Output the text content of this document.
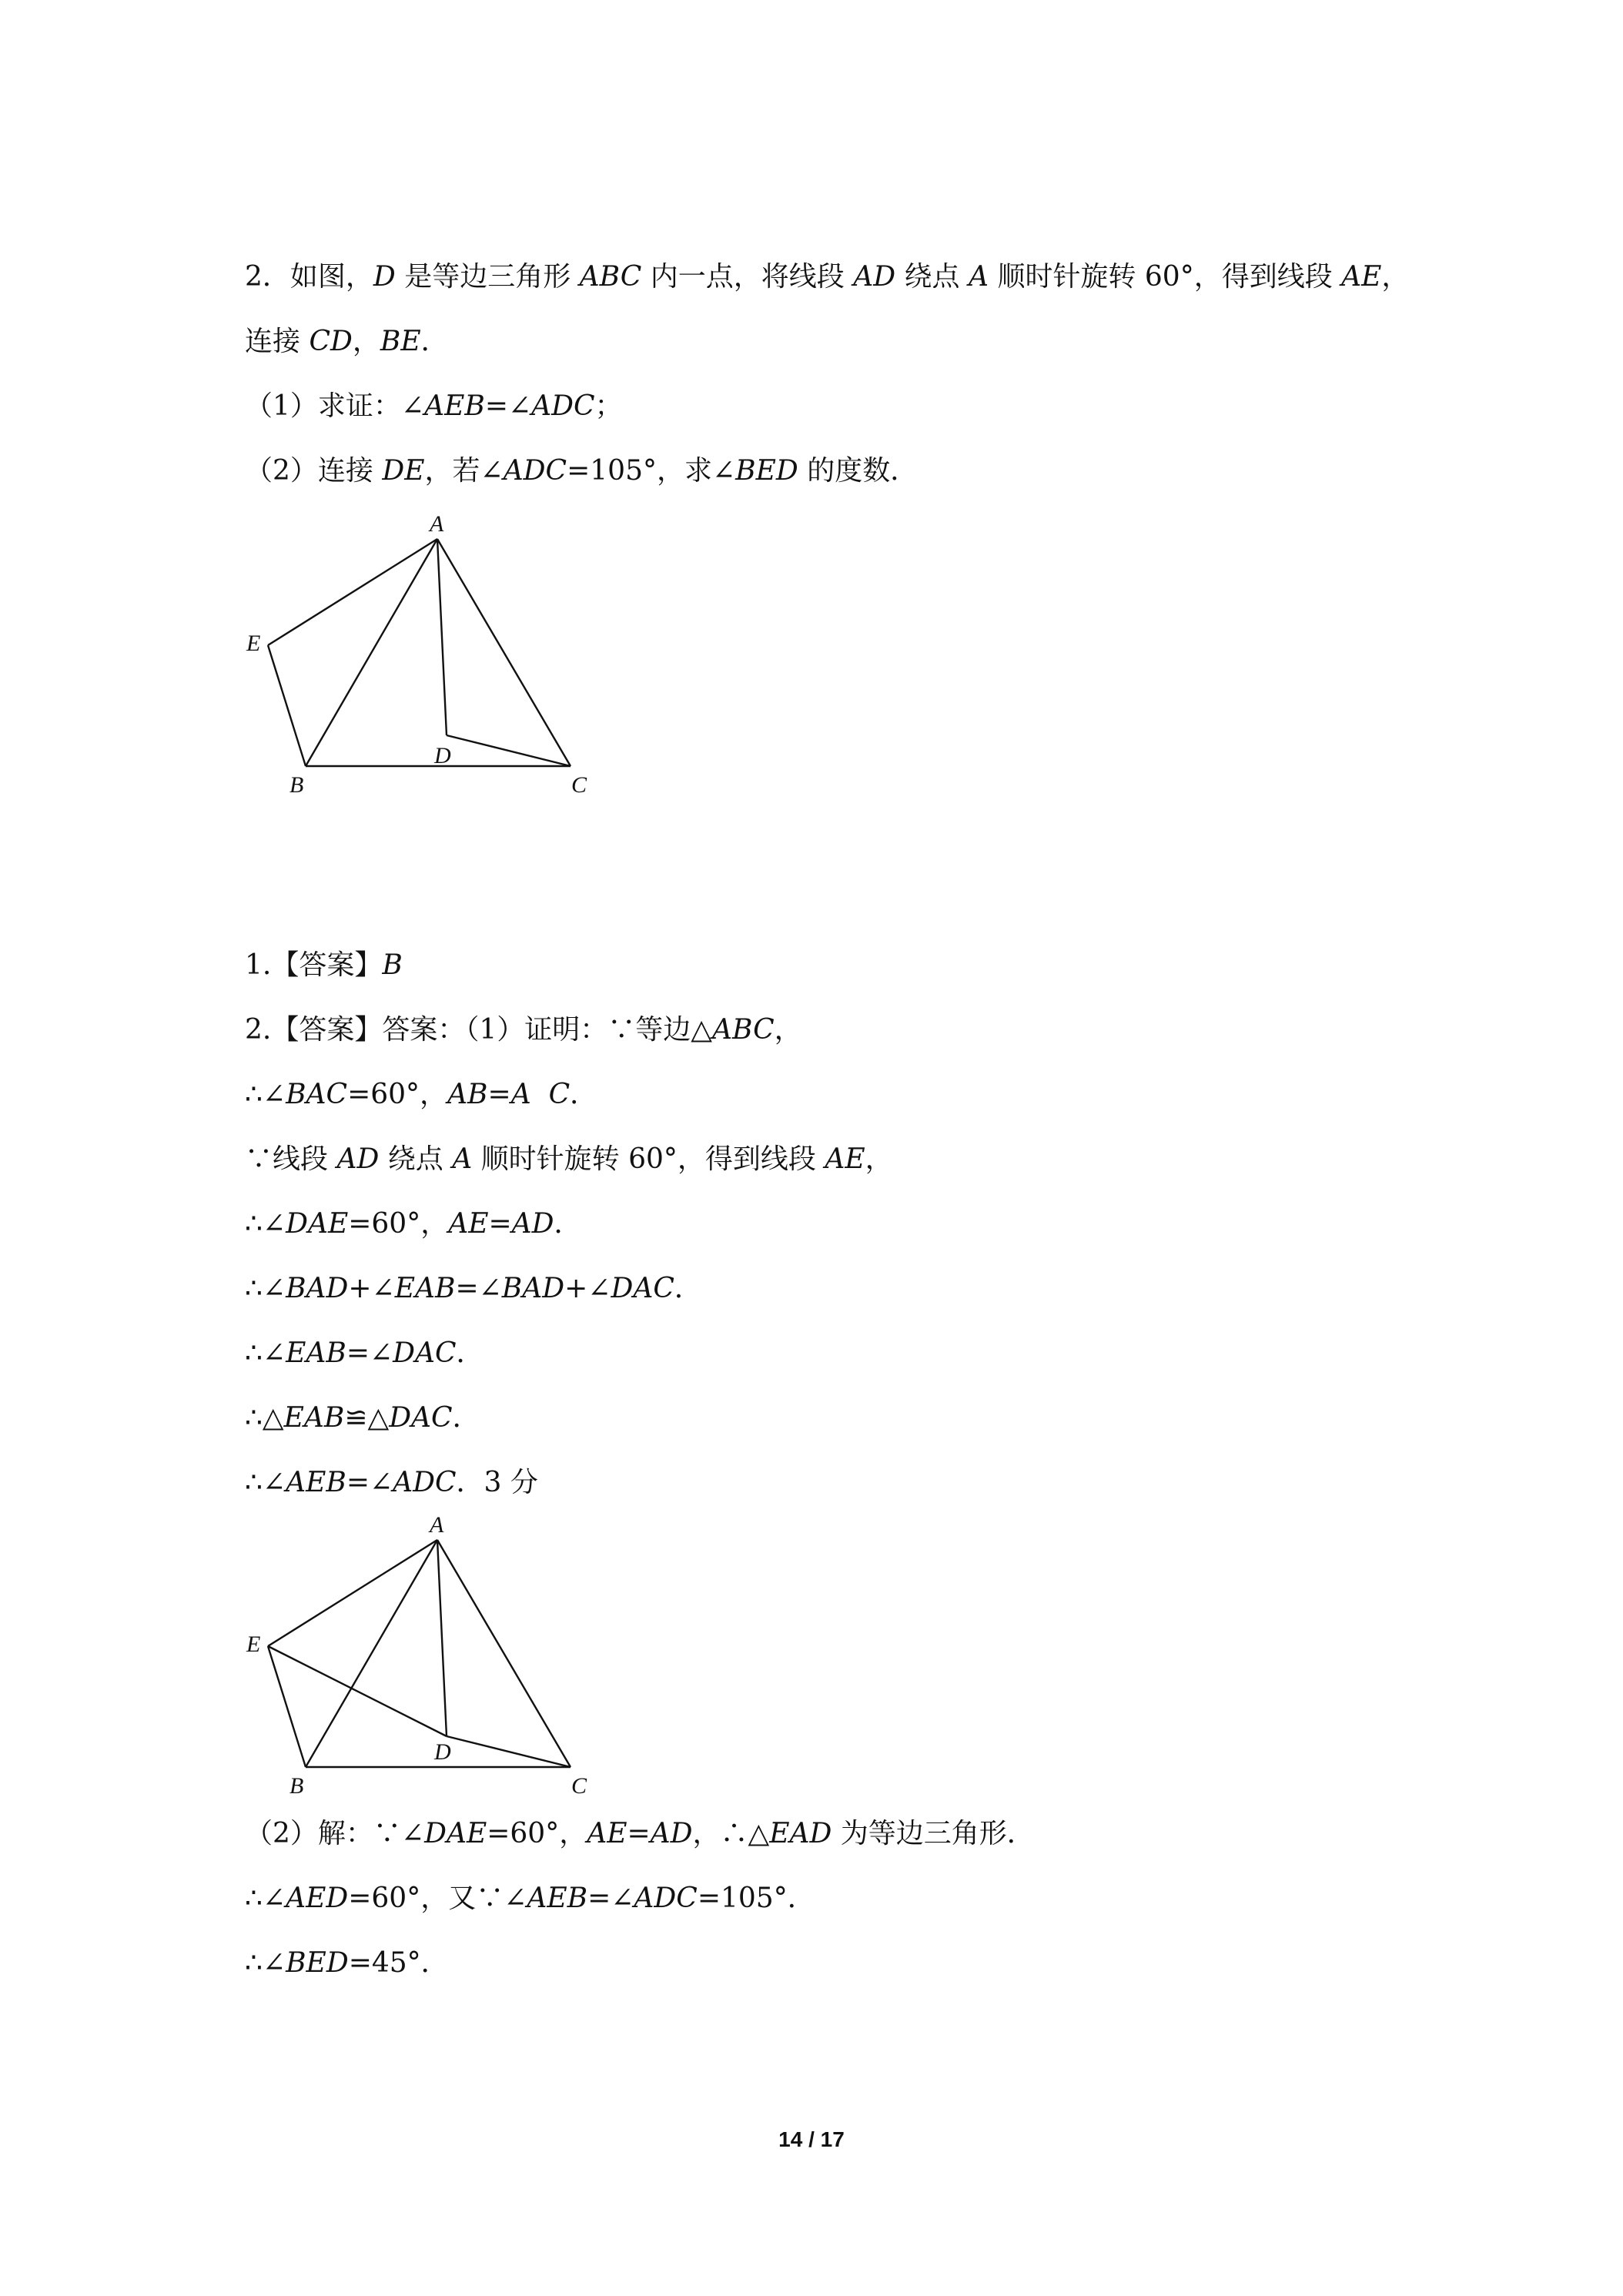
2．如图，D 是等边三角形 ABC 内一点，将线段 AD 绕点 A 顺时针旋转 60°，得到线段 AE，
连接 CD，BE．
（1）求证：∠AEB=∠ADC；
（2）连接 DE，若∠ADC=105°，求∠BED 的度数．
A
E
D
B	C
1.【答案】B
2.【答案】答案：（1）证明：∵等边△ABC，
∴∠BAC=60°，AB=A C．
∵线段 AD 绕点 A 顺时针旋转 60°，得到线段 AE，
∴∠DAE=60°，AE=AD．
∴∠BAD+∠EAB=∠BAD+∠DAC．
∴∠EAB=∠DAC．
∴△EAB≌△DAC．
∴∠AEB=∠ADC．3 分
A
E
D
B	C
（2）解：∵∠DAE=60°，AE=AD，∴△EAD 为等边三角形．
∴∠AED=60°，又∵∠AEB=∠ADC=105°．
∴∠BED=45°．
14 / 17
